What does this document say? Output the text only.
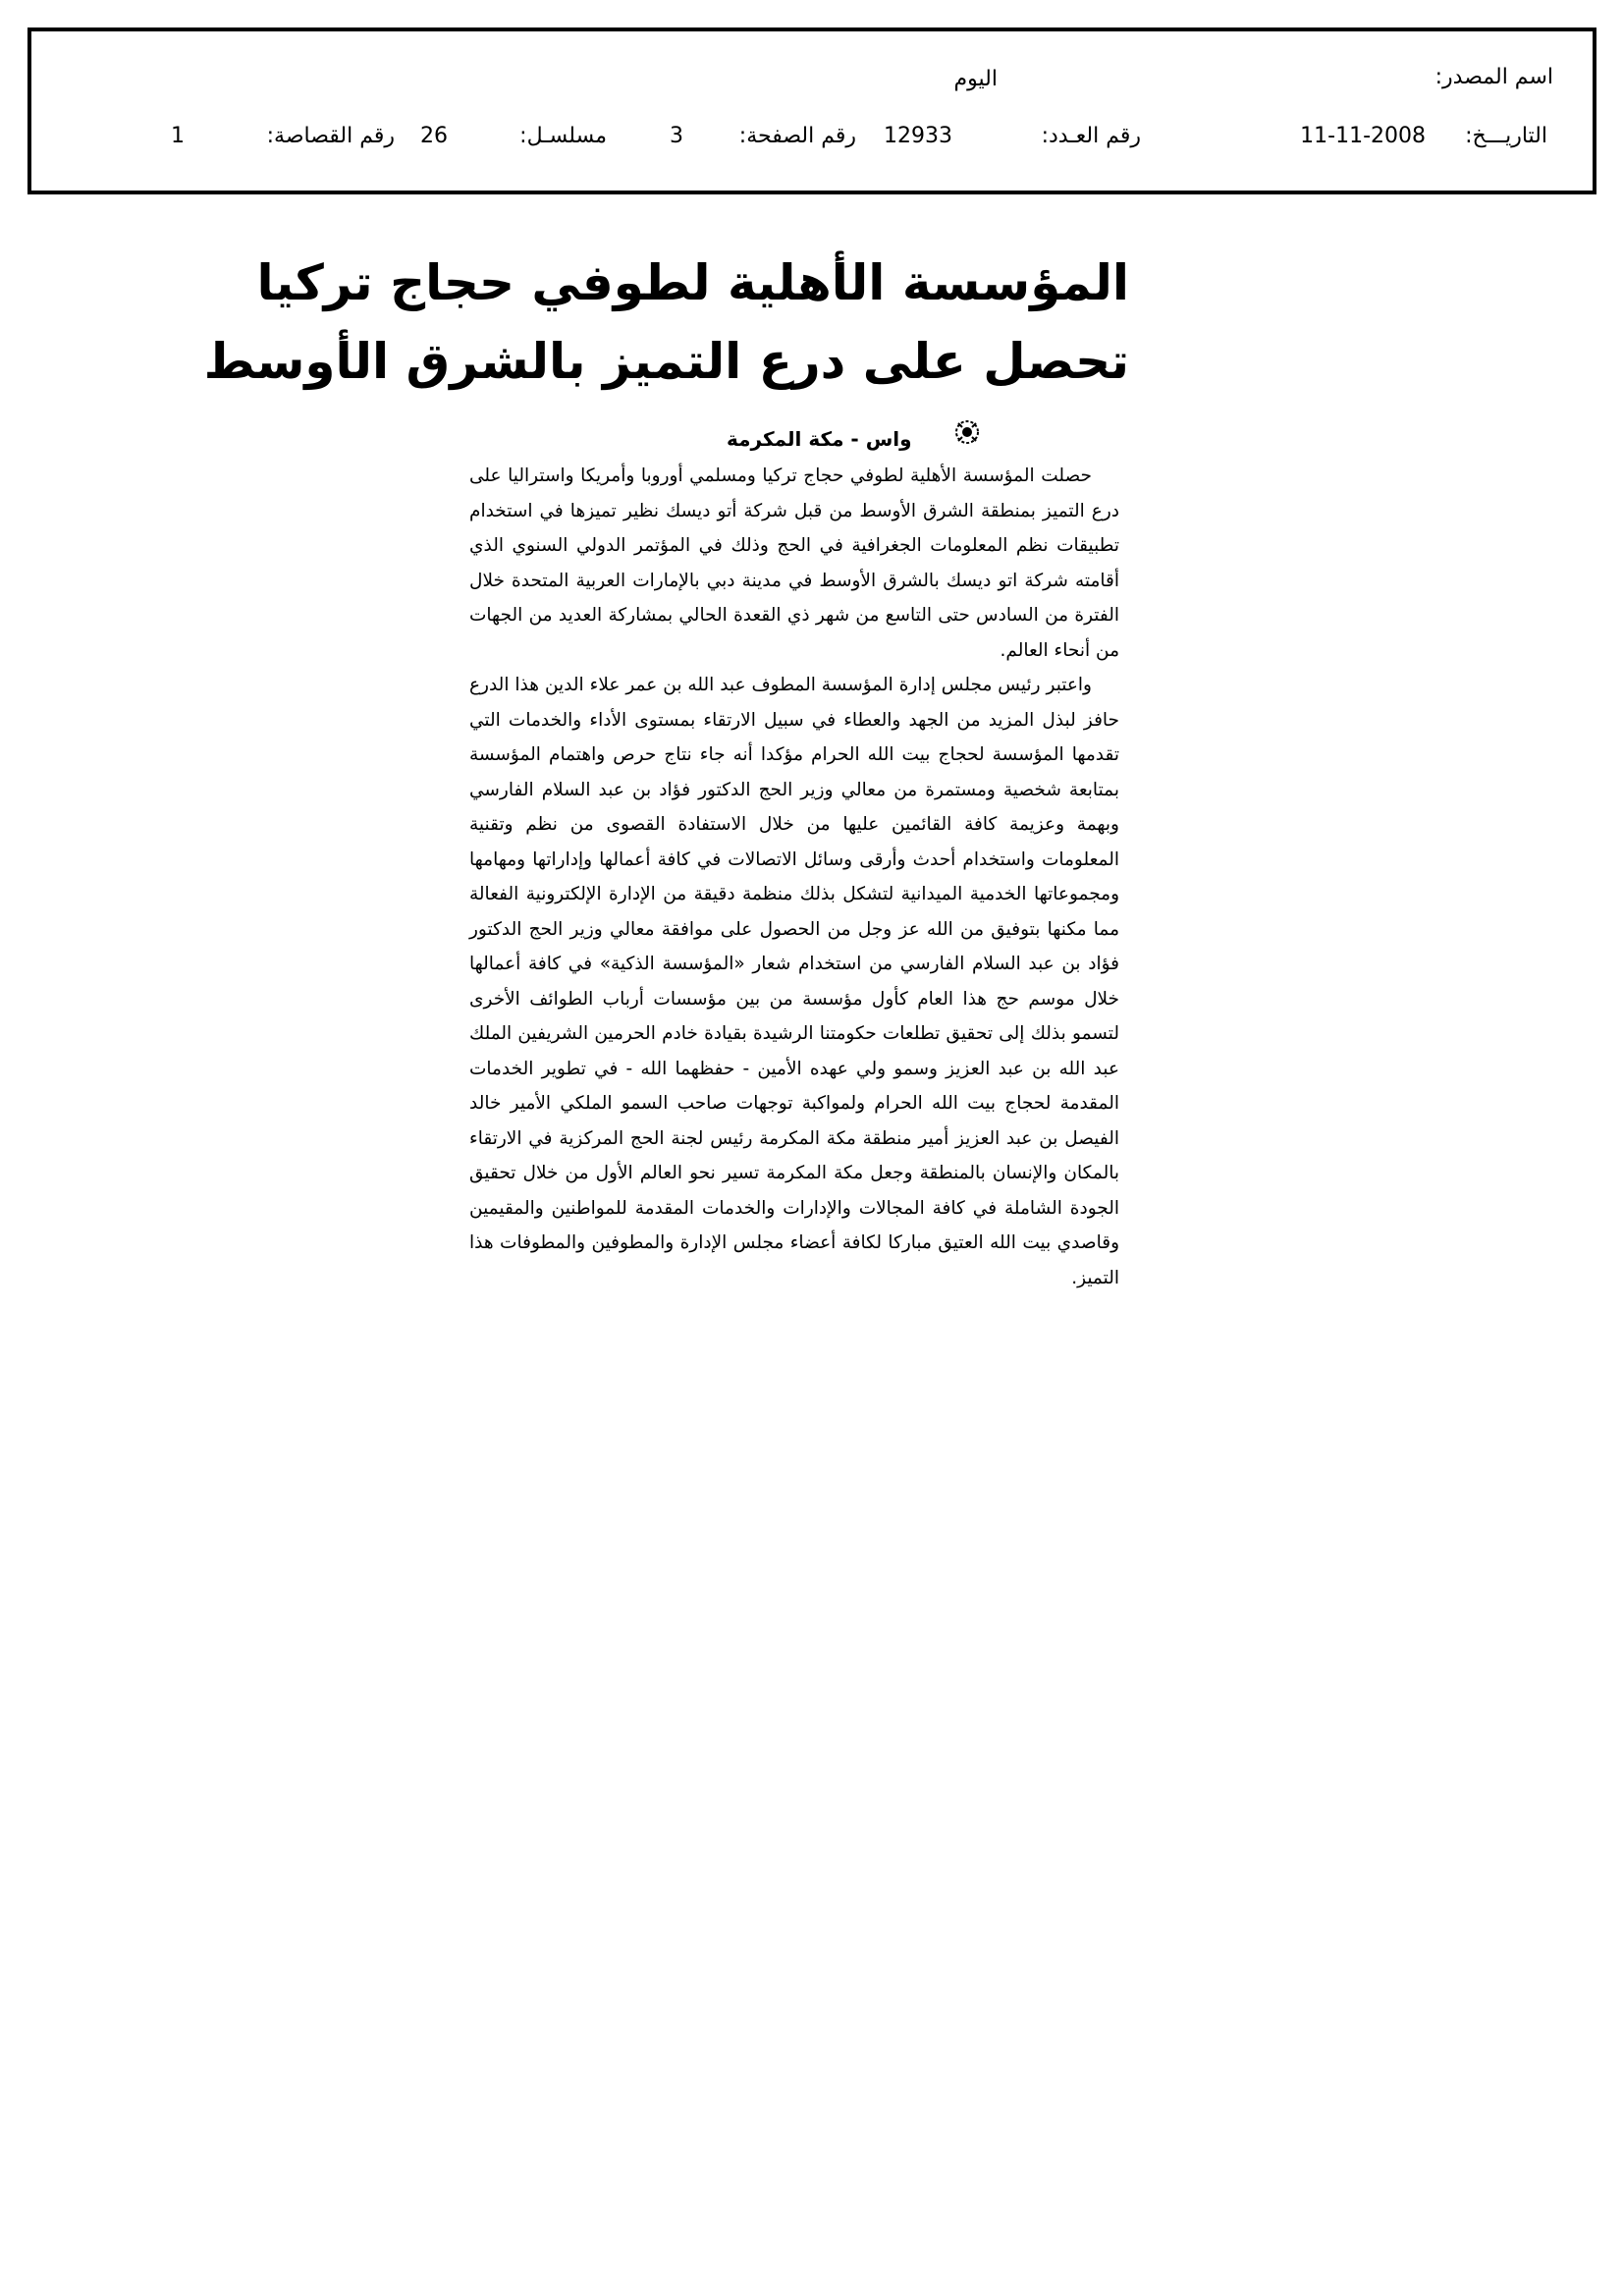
اسم المصدر:
اليوم
التاريـــخ:
11-11-2008
رقم العـدد:
12933
رقم الصفحة:
3
مسلسـل:
26
رقم القصاصة:
1
المؤسسة الأهلية لطوفي حجاج تركيا
تحصل على درع التميز بالشرق الأوسط
واس - مكة المكرمة

حصلت المؤسسة الأهلية لطوفي حجاج تركيا ومسلمي أوروبا وأمريكا واستراليا على درع التميز بمنطقة الشرق الأوسط من قبل شركة أتو ديسك نظير تميزها في استخدام تطبيقات نظم المعلومات الجغرافية في الحج وذلك في المؤتمر الدولي السنوي الذي أقامته شركة اتو ديسك بالشرق الأوسط في مدينة دبي بالإمارات العربية المتحدة خلال الفترة من السادس حتى التاسع من شهر ذي القعدة الحالي بمشاركة العديد من الجهات من أنحاء العالم.

واعتبر رئيس مجلس إدارة المؤسسة المطوف عبد الله بن عمر علاء الدين هذا الدرع حافز لبذل المزيد من الجهد والعطاء في سبيل الارتقاء بمستوى الأداء والخدمات التي تقدمها المؤسسة لحجاج بيت الله الحرام مؤكدا أنه جاء نتاج حرص واهتمام المؤسسة بمتابعة شخصية ومستمرة من معالي وزير الحج الدكتور فؤاد بن عبد السلام الفارسي وبهمة وعزيمة كافة القائمين عليها من خلال الاستفادة القصوى من نظم وتقنية المعلومات واستخدام أحدث وأرقى وسائل الاتصالات في كافة أعمالها وإداراتها ومهامها ومجموعاتها الخدمية الميدانية لتشكل بذلك منظمة دقيقة من الإدارة الإلكترونية الفعالة مما مكنها بتوفيق من الله عز وجل من الحصول على موافقة معالي وزير الحج الدكتور فؤاد بن عبد السلام الفارسي من استخدام شعار «المؤسسة الذكية» في كافة أعمالها خلال موسم حج هذا العام كأول مؤسسة من بين مؤسسات أرباب الطوائف الأخرى لتسمو بذلك إلى تحقيق تطلعات حكومتنا الرشيدة بقيادة خادم الحرمين الشريفين الملك عبد الله بن عبد العزيز وسمو ولي عهده الأمين - حفظهما الله - في تطوير الخدمات المقدمة لحجاج بيت الله الحرام ولمواكبة توجهات صاحب السمو الملكي الأمير خالد الفيصل بن عبد العزيز أمير منطقة مكة المكرمة رئيس لجنة الحج المركزية في الارتقاء بالمكان والإنسان بالمنطقة وجعل مكة المكرمة تسير نحو العالم الأول من خلال تحقيق الجودة الشاملة في كافة المجالات والإدارات والخدمات المقدمة للمواطنين والمقيمين وقاصدي بيت الله العتيق مباركا لكافة أعضاء مجلس الإدارة والمطوفين والمطوفات هذا التميز.
